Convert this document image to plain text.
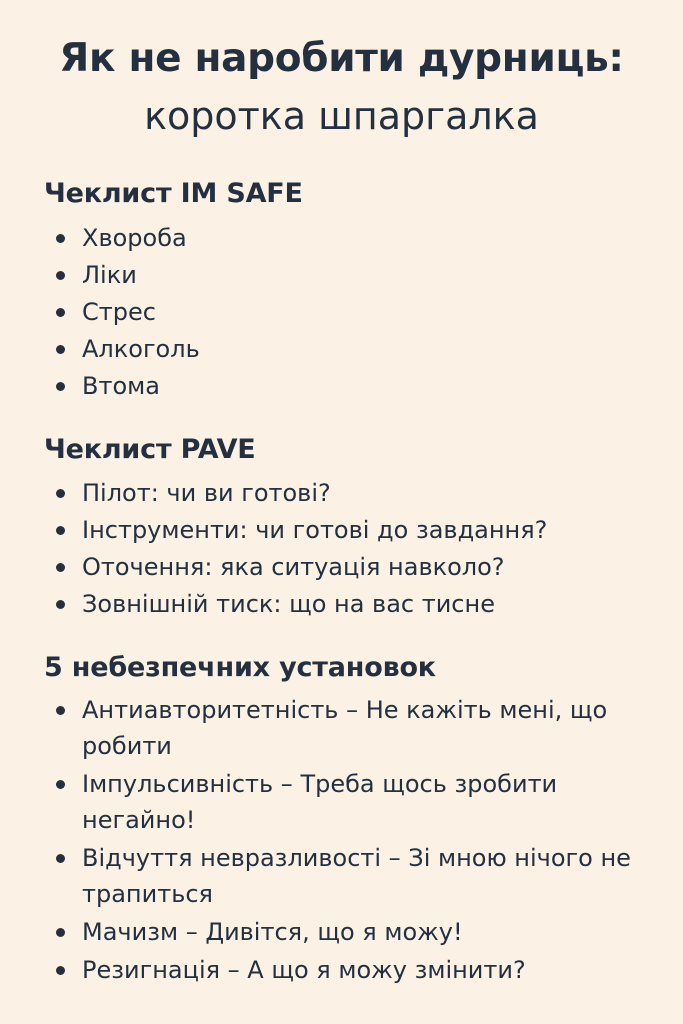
Як не наробити дурниць:
коротка шпаргалка
Чеклист IM SAFE
Хвороба
Ліки
Стрес
Алкоголь
Втома
Чеклист PAVE
Пілот: чи ви готові?
Інструменти: чи готові до завдання?
Оточення: яка ситуація навколо?
Зовнішній тиск: що на вас тисне
5 небезпечних установок
Антиавторитетність – Не кажіть мені, що робити
Імпульсивність – Треба щось зробити негайно!
Відчуття невразливості – Зі мною нічого не трапиться
Мачизм – Дивітся, що я можу!
Резигнація – А що я можу змінити?
